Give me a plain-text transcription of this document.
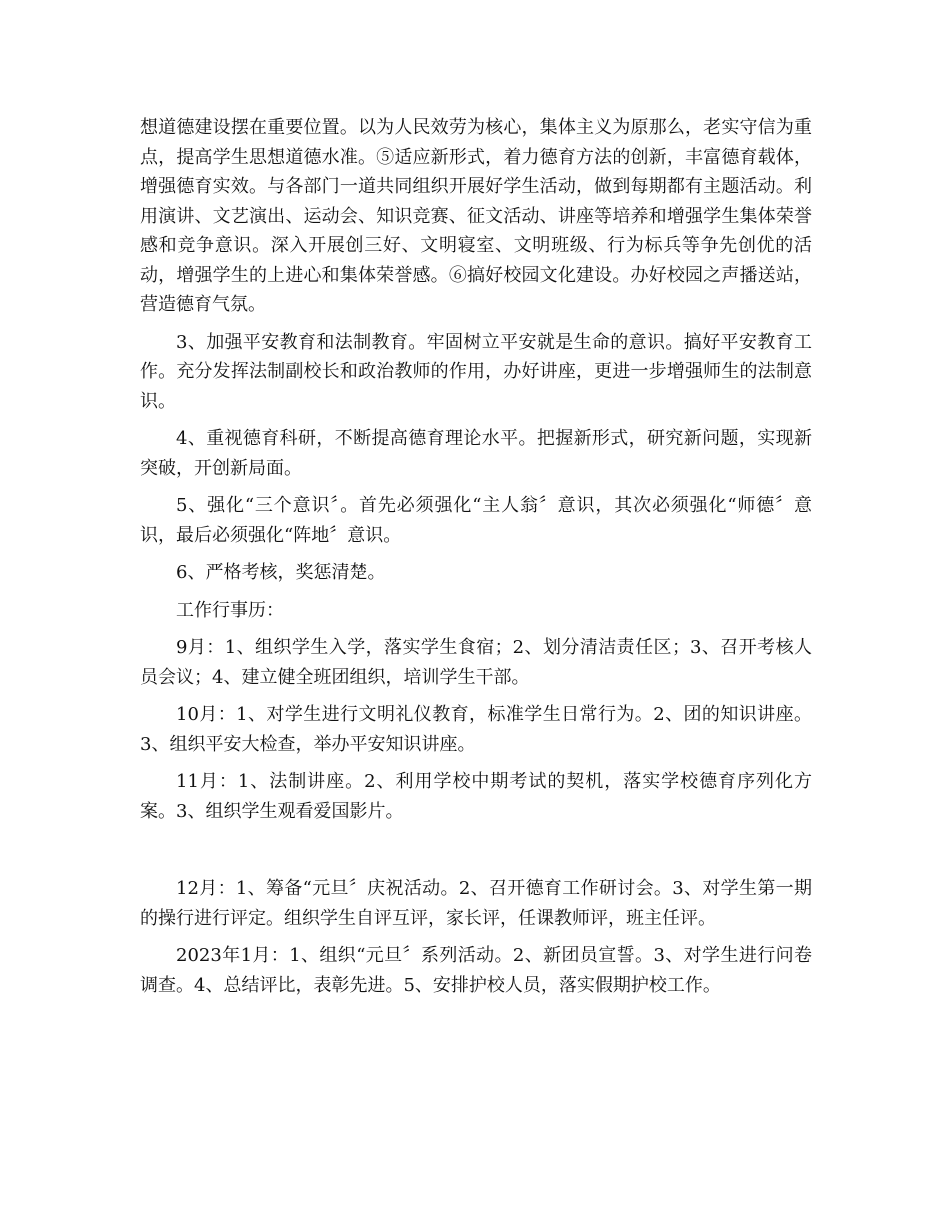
想道德建设摆在重要位置。以为人民效劳为核心，集体主义为原那么，老实守信为重点，提高学生思想道德水准。⑤适应新形式，着力德育方法的创新，丰富德育载体，增强德育实效。与各部门一道共同组织开展好学生活动，做到每期都有主题活动。利用演讲、文艺演出、运动会、知识竞赛、征文活动、讲座等培养和增强学生集体荣誉感和竞争意识。深入开展创三好、文明寝室、文明班级、行为标兵等争先创优的活动，增强学生的上进心和集体荣誉感。⑥搞好校园文化建设。办好校园之声播送站，营造德育气氛。

3、加强平安教育和法制教育。牢固树立平安就是生命的意识。搞好平安教育工作。充分发挥法制副校长和政治教师的作用，办好讲座，更进一步增强师生的法制意识。

4、重视德育科研，不断提高德育理论水平。把握新形式，研究新问题，实现新突破，开创新局面。

5、强化“三个意识〞。首先必须强化“主人翁〞意识，其次必须强化“师德〞意识，最后必须强化“阵地〞意识。

6、严格考核，奖惩清楚。

工作行事历：

9月：1、组织学生入学，落实学生食宿；2、划分清洁责任区；3、召开考核人员会议；4、建立健全班团组织，培训学生干部。

10月：1、对学生进行文明礼仪教育，标准学生日常行为。2、团的知识讲座。3、组织平安大检查，举办平安知识讲座。

11月：1、法制讲座。2、利用学校中期考试的契机，落实学校德育序列化方案。3、组织学生观看爱国影片。

12月：1、筹备“元旦〞庆祝活动。2、召开德育工作研讨会。3、对学生第一期的操行进行评定。组织学生自评互评，家长评，任课教师评，班主任评。

2023年1月：1、组织“元旦〞系列活动。2、新团员宣誓。3、对学生进行问卷调查。4、总结评比，表彰先进。5、安排护校人员，落实假期护校工作。
